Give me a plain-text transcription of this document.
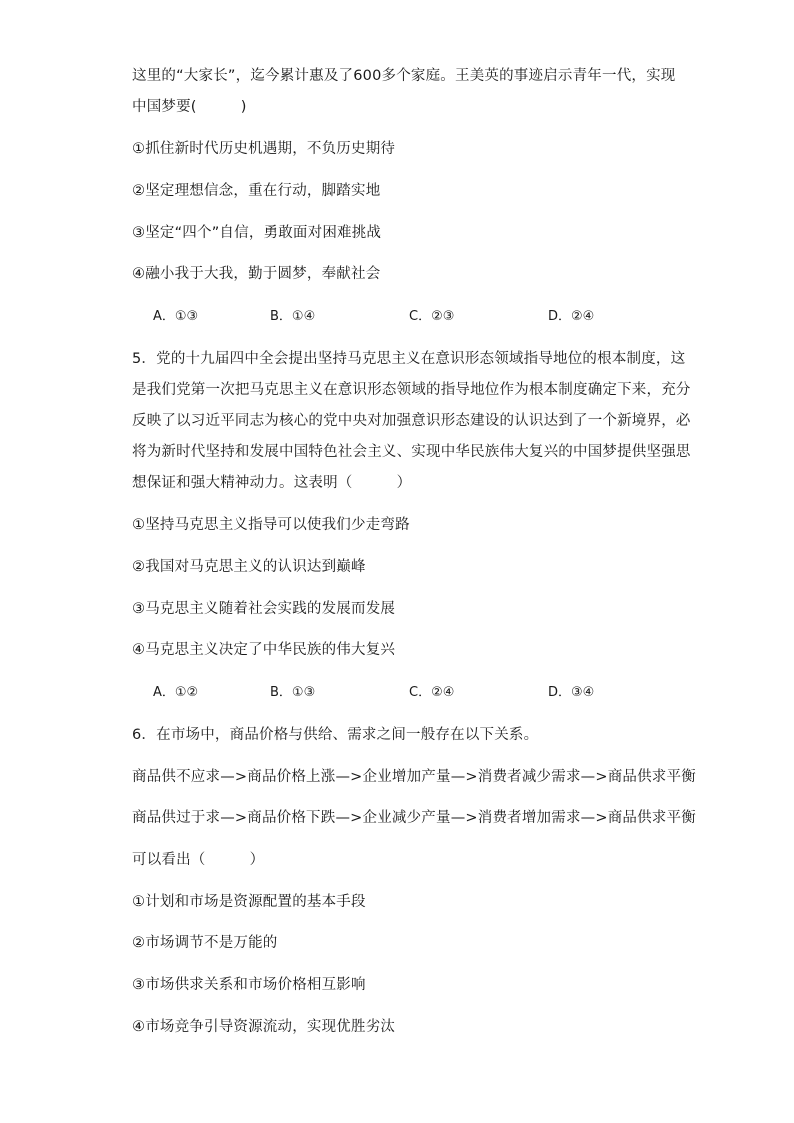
这里的“大家长”，迄今累计惠及了600多个家庭。王美英的事迹启示青年一代，实现
中国梦要(　　　)
①抓住新时代历史机遇期，不负历史期待
②坚定理想信念，重在行动，脚踏实地
③坚定“四个”自信，勇敢面对困难挑战
④融小我于大我，勤于圆梦，奉献社会
A．①③	B．①④	C．②③	D．②④
5．党的十九届四中全会提出坚持马克思主义在意识形态领域指导地位的根本制度，这
是我们党第一次把马克思主义在意识形态领域的指导地位作为根本制度确定下来，充分
反映了以习近平同志为核心的党中央对加强意识形态建设的认识达到了一个新境界，必
将为新时代坚持和发展中国特色社会主义、实现中华民族伟大复兴的中国梦提供坚强思
想保证和强大精神动力。这表明（　　　）
①坚持马克思主义指导可以使我们少走弯路
②我国对马克思主义的认识达到巅峰
③马克思主义随着社会实践的发展而发展
④马克思主义决定了中华民族的伟大复兴
A．①②	B．①③	C．②④	D．③④
6．在市场中，商品价格与供给、需求之间一般存在以下关系。
商品供不应求—>商品价格上涨—>企业增加产量—>消费者减少需求—>商品供求平衡
商品供过于求—>商品价格下跌—>企业减少产量—>消费者增加需求—>商品供求平衡
可以看出（　　　）
①计划和市场是资源配置的基本手段
②市场调节不是万能的
③市场供求关系和市场价格相互影响
④市场竞争引导资源流动，实现优胜劣汰
